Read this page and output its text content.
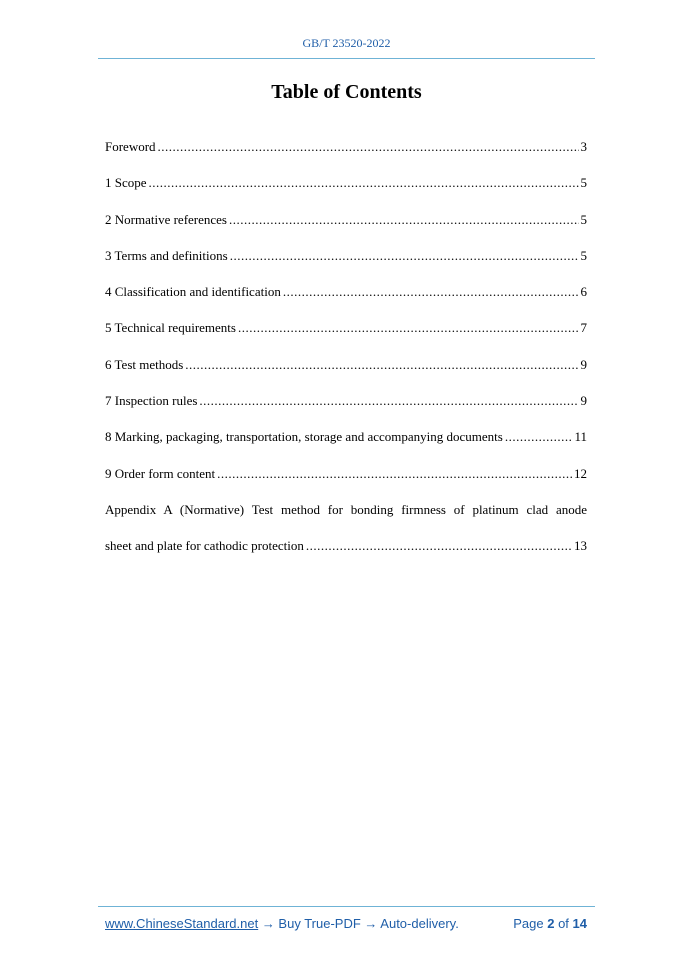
GB/T 23520-2022
Table of Contents
Foreword .....	3
1 Scope .....	5
2 Normative references .....	5
3 Terms and definitions .....	5
4 Classification and identification .....	6
5 Technical requirements .....	7
6 Test methods .....	9
7 Inspection rules .....	9
8 Marking, packaging, transportation, storage and accompanying documents .....	11
9 Order form content .....	12
Appendix A (Normative) Test method for bonding firmness of platinum clad anode
sheet and plate for cathodic protection .....	13
www.ChineseStandard.net → Buy True-PDF → Auto-delivery.	Page 2 of 14
